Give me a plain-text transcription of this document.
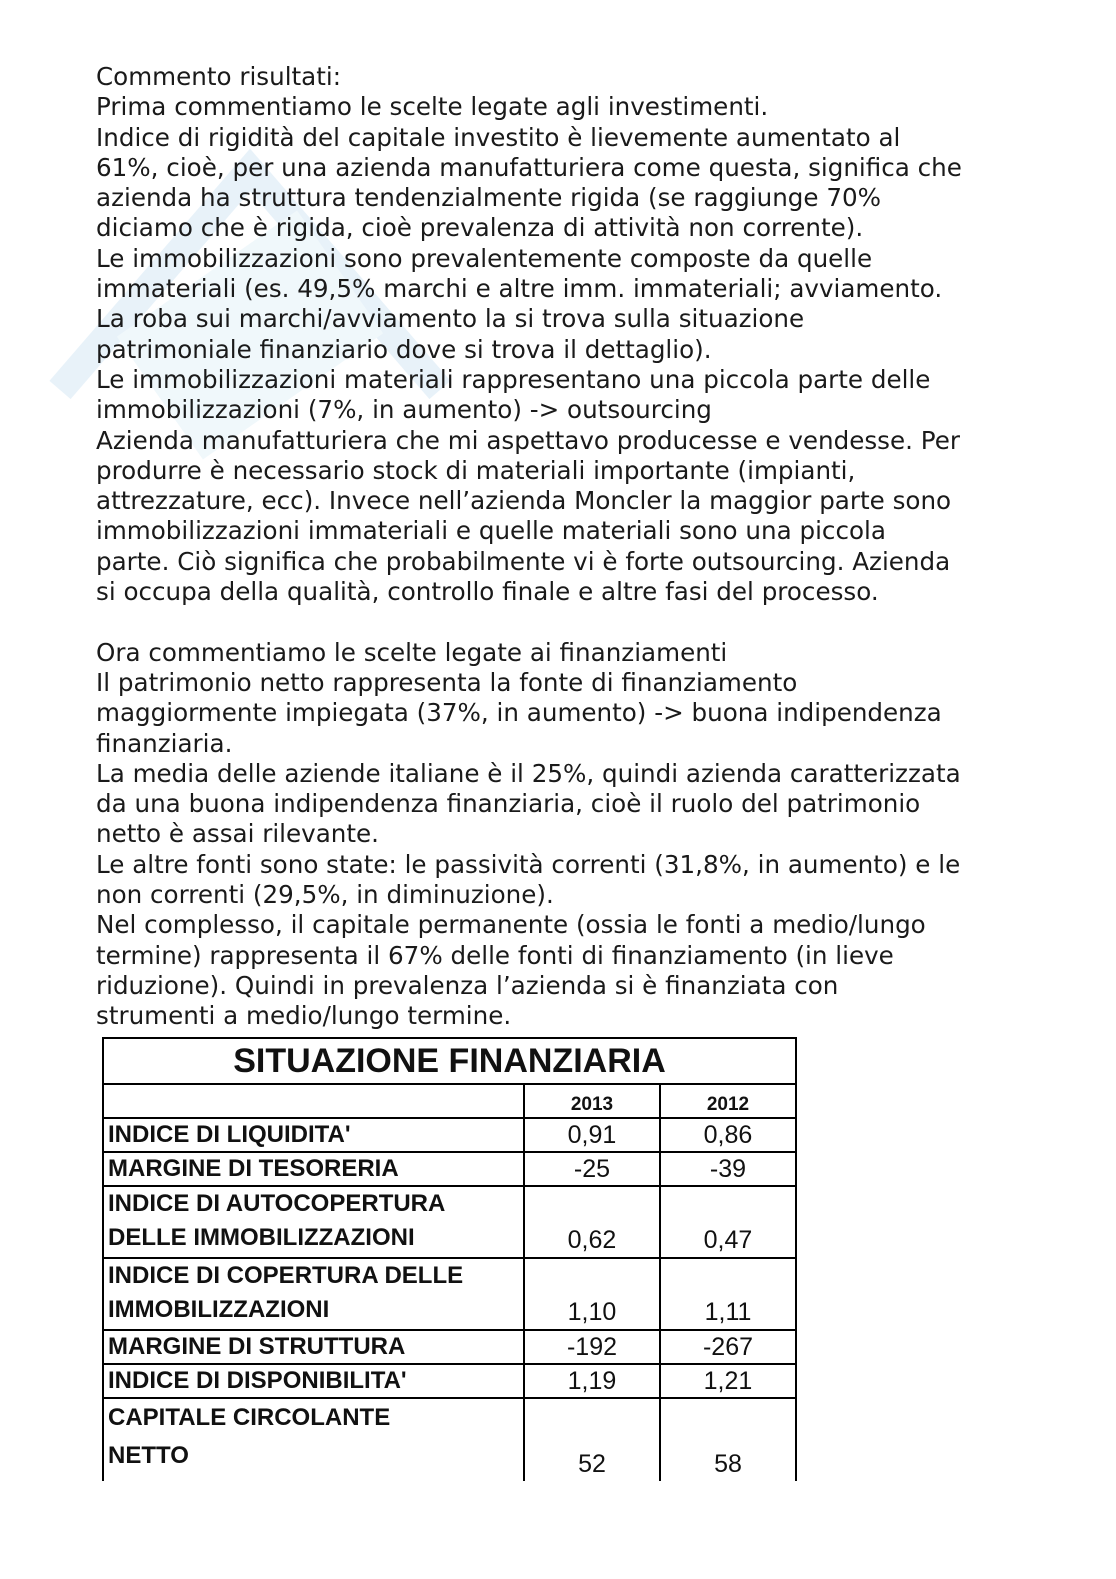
Commento risultati:

Prima commentiamo le scelte legate agli investimenti.

Indice di rigidità del capitale investito è lievemente aumentato al

61%, cioè, per una azienda manufatturiera come questa, significa che

azienda ha struttura tendenzialmente rigida (se raggiunge 70%

diciamo che è rigida, cioè prevalenza di attività non corrente).

Le immobilizzazioni sono prevalentemente composte da quelle

immateriali (es. 49,5% marchi e altre imm. immateriali; avviamento.

La roba sui marchi/avviamento la si trova sulla situazione

patrimoniale finanziario dove si trova il dettaglio).

Le immobilizzazioni materiali rappresentano una piccola parte delle

immobilizzazioni (7%, in aumento) -> outsourcing

Azienda manufatturiera che mi aspettavo producesse e vendesse. Per

produrre è necessario stock di materiali importante (impianti,

attrezzature, ecc). Invece nell’azienda Moncler la maggior parte sono

immobilizzazioni immateriali e quelle materiali sono una piccola

parte. Ciò significa che probabilmente vi è forte outsourcing. Azienda

si occupa della qualità, controllo finale e altre fasi del processo.

Ora commentiamo le scelte legate ai finanziamenti

Il patrimonio netto rappresenta la fonte di finanziamento

maggiormente impiegata (37%, in aumento) -> buona indipendenza

finanziaria.

La media delle aziende italiane è il 25%, quindi azienda caratterizzata

da una buona indipendenza finanziaria, cioè il ruolo del patrimonio

netto è assai rilevante.

Le altre fonti sono state: le passività correnti (31,8%, in aumento) e le

non correnti (29,5%, in diminuzione).

Nel complesso, il capitale permanente (ossia le fonti a medio/lungo

termine) rappresenta il 67% delle fonti di finanziamento (in lieve

riduzione). Quindi in prevalenza l’azienda si è finanziata con

strumenti a medio/lungo termine.

SITUAZIONE FINANZIARIA		
	2013	2012
INDICE DI LIQUIDITA'	0,91	0,86
MARGINE DI TESORERIA	-25	-39

INDICE DI AUTOCOPERTURA
DELLE IMMOBILIZZAZIONI	0,62	0,47

INDICE DI COPERTURA DELLE
IMMOBILIZZAZIONI	1,10	1,11
MARGINE DI STRUTTURA	-192	-267
INDICE DI DISPONIBILITA'	1,19	1,21

CAPITALE CIRCOLANTE
NETTO	52	58
